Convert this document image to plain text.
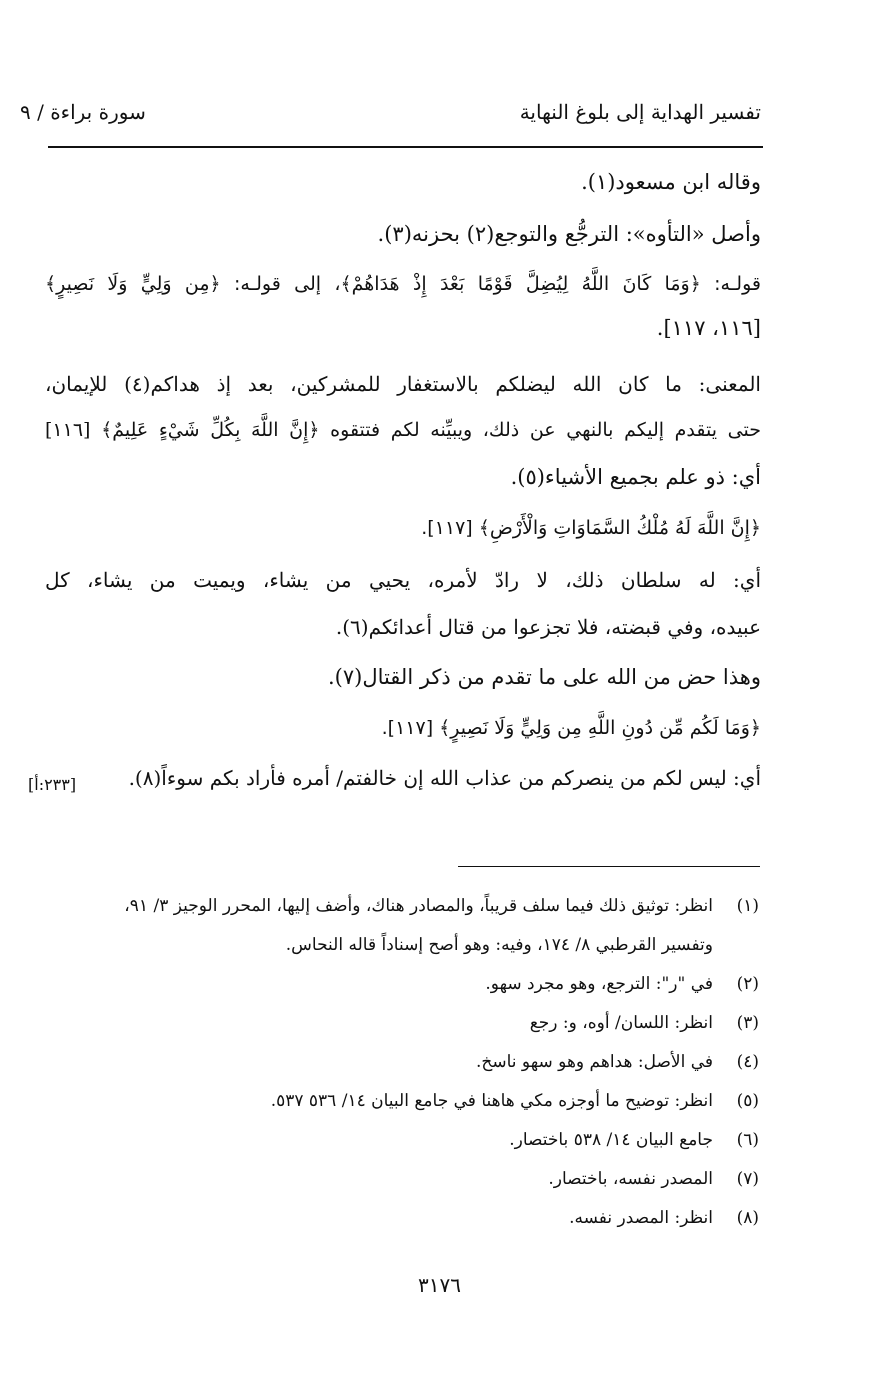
تفسير الهداية إلى بلوغ النهاية
سورة براءة / ٩
وقاله ابن مسعود(١).
وأصل «التأوه»: الترجُّع والتوجع(٢) بحزنه(٣).
قولـه: ﴿وَمَا كَانَ اللَّهُ لِيُضِلَّ قَوْمًا بَعْدَ إِذْ هَدَاهُمْ﴾، إلى قولـه: ﴿مِن وَلِيٍّ وَلَا نَصِيرٍ﴾
[١١٦، ١١٧].
المعنى: ما كان الله ليضلكم بالاستغفار للمشركين، بعد إذ هداكم(٤) للإيمان،
حتى يتقدم إليكم بالنهي عن ذلك، ويبيِّنه لكم فتتقوه ﴿إِنَّ اللَّهَ بِكُلِّ شَيْءٍ عَلِيمٌ﴾ [١١٦]
أي: ذو علم بجميع الأشياء(٥).
﴿إِنَّ اللَّهَ لَهُ مُلْكُ السَّمَاوَاتِ وَالْأَرْضِ﴾ [١١٧].
أي: له سلطان ذلك، لا رادّ لأمره، يحيي من يشاء، ويميت من يشاء، كل
عبيده، وفي قبضته، فلا تجزعوا من قتال أعدائكم(٦).
وهذا حض من الله على ما تقدم من ذكر القتال(٧).
﴿وَمَا لَكُم مِّن دُونِ اللَّهِ مِن وَلِيٍّ وَلَا نَصِيرٍ﴾ [١١٧].
أي: ليس لكم من ينصركم من عذاب الله إن خالفتم/ أمره فأراد بكم سوءاً(٨).
[٢٣٣:أ]
(١)انظر: توثيق ذلك فيما سلف قريباً، والمصادر هناك، وأضف إليها، المحرر الوجيز ٣/ ٩١،
وتفسير القرطبي ٨/ ١٧٤، وفيه: وهو أصح إسناداً قاله النحاس.
(٢)في "ر": الترجع، وهو مجرد سهو.
(٣)انظر: اللسان/ أوه، و: رجع
(٤)في الأصل: هداهم وهو سهو ناسخ.
(٥)انظر: توضيح ما أوجزه مكي هاهنا في جامع البيان ١٤/ ٥٣٦ ٥٣٧.
(٦)جامع البيان ١٤/ ٥٣٨ باختصار.
(٧)المصدر نفسه، باختصار.
(٨)انظر: المصدر نفسه.
٣١٧٦
